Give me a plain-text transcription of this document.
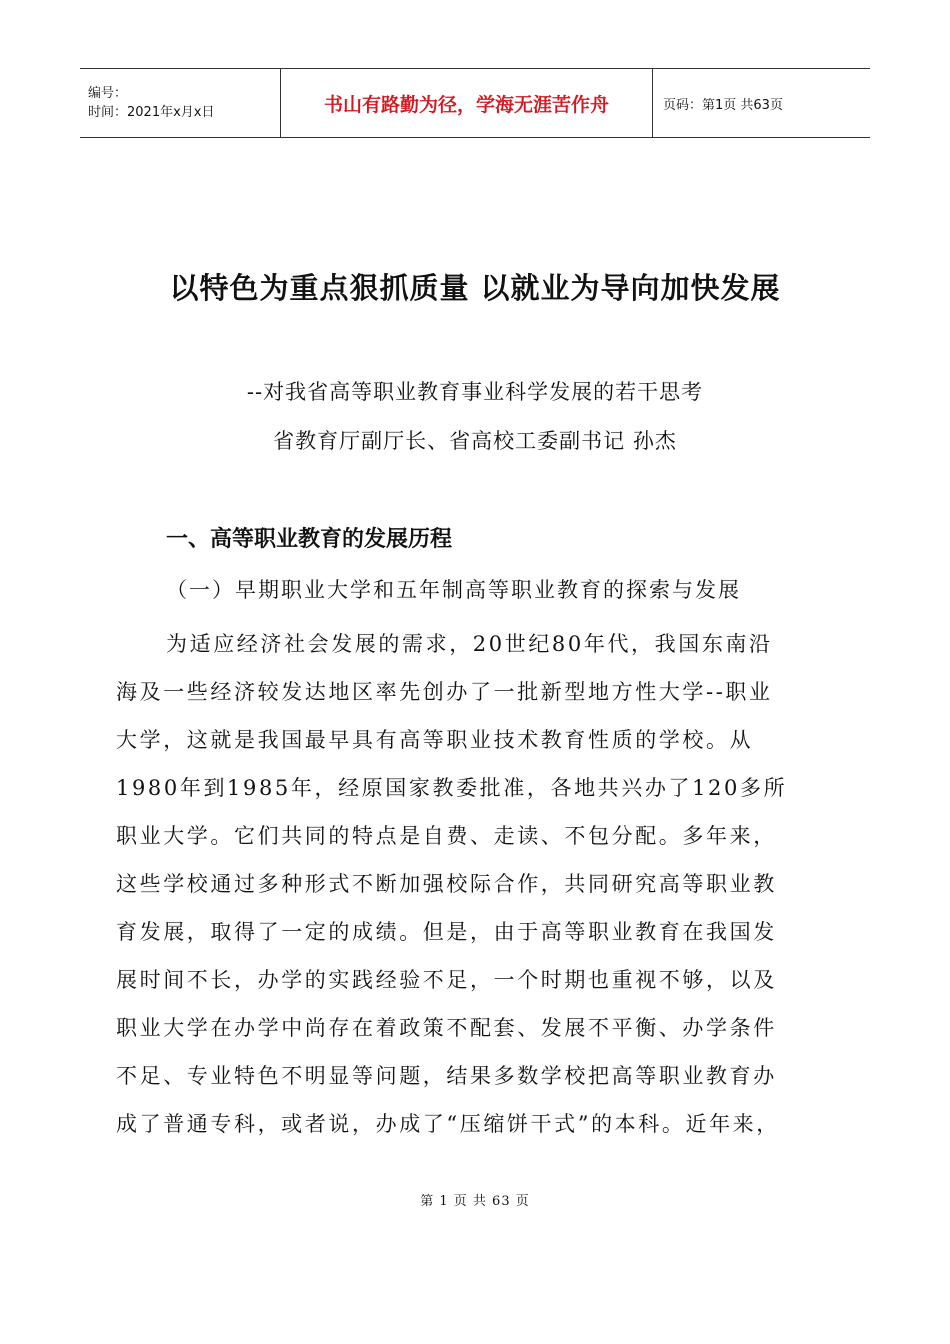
编号：
时间：2021年x月x日	书山有路勤为径，学海无涯苦作舟	页码：第1页 共63页
以特色为重点狠抓质量 以就业为导向加快发展
--对我省高等职业教育事业科学发展的若干思考
省教育厅副厅长、省高校工委副书记 孙杰
一、高等职业教育的发展历程
（一）早期职业大学和五年制高等职业教育的探索与发展
为适应经济社会发展的需求，20世纪80年代，我国东南沿
海及一些经济较发达地区率先创办了一批新型地方性大学--职业
大学，这就是我国最早具有高等职业技术教育性质的学校。从
1980年到1985年，经原国家教委批准，各地共兴办了120多所
职业大学。它们共同的特点是自费、走读、不包分配。多年来，
这些学校通过多种形式不断加强校际合作，共同研究高等职业教
育发展，取得了一定的成绩。但是，由于高等职业教育在我国发
展时间不长，办学的实践经验不足，一个时期也重视不够，以及
职业大学在办学中尚存在着政策不配套、发展不平衡、办学条件
不足、专业特色不明显等问题，结果多数学校把高等职业教育办
成了普通专科，或者说，办成了“压缩饼干式”的本科。近年来，
第 1 页 共 63 页
